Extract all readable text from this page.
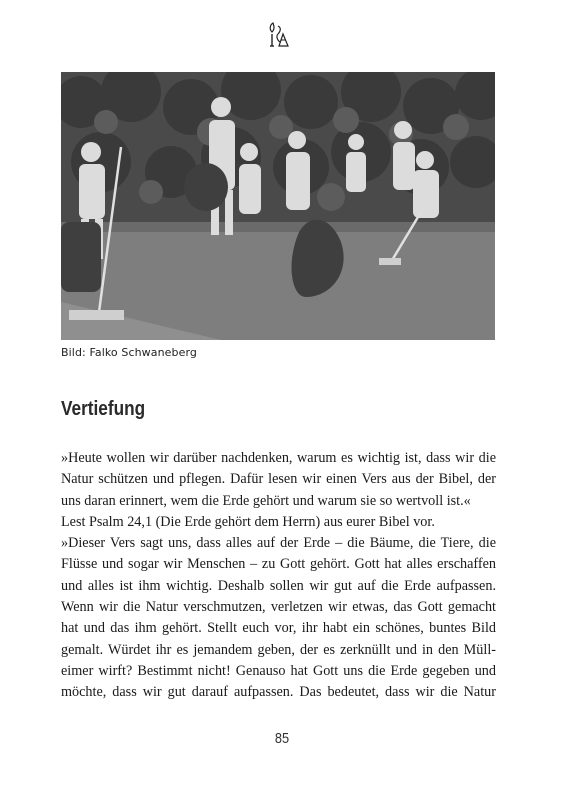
Bild: Falko Schwaneberg
Vertiefung
»Heute wollen wir darüber nachdenken, warum es wichtig ist, dass wir die
Natur schützen und pflegen. Dafür lesen wir einen Vers aus der Bibel, der
uns daran erinnert, wem die Erde gehört und warum sie so wertvoll ist.«
Lest Psalm 24,1 (Die Erde gehört dem Herrn) aus eurer Bibel vor.
»Dieser Vers sagt uns, dass alles auf der Erde – die Bäume, die Tiere, die
Flüsse und sogar wir Menschen – zu Gott gehört. Gott hat alles erschaffen
und alles ist ihm wichtig. Deshalb sollen wir gut auf die Erde aufpassen.
Wenn wir die Natur verschmutzen, verletzen wir etwas, das Gott gemacht
hat und das ihm gehört. Stellt euch vor, ihr habt ein schönes, buntes Bild
gemalt. Würdet ihr es jemandem geben, der es zerknüllt und in den Müll-
eimer wirft? Bestimmt nicht! Genauso hat Gott uns die Erde gegeben und
möchte, dass wir gut darauf aufpassen. Das bedeutet, dass wir die Natur
85
